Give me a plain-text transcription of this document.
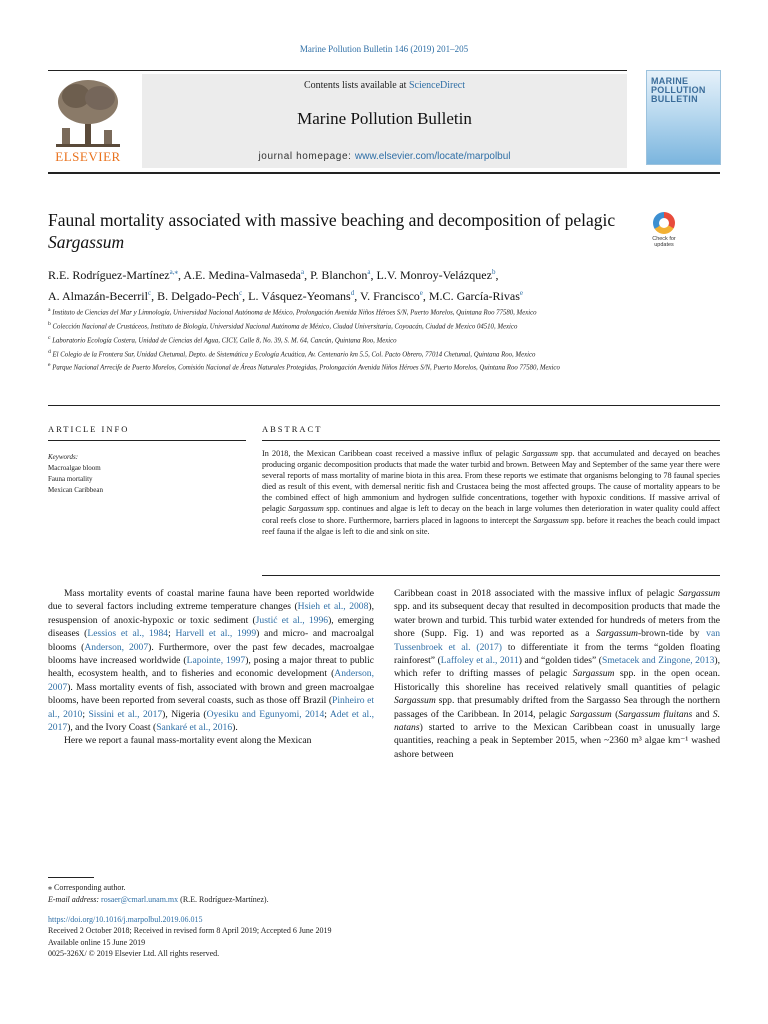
Marine Pollution Bulletin 146 (2019) 201–205
ELSEVIER
Contents lists available at ScienceDirect
Marine Pollution Bulletin
journal homepage: www.elsevier.com/locate/marpolbul
MARINE POLLUTION BULLETIN
Faunal mortality associated with massive beaching and decomposition of pelagic Sargassum	Check for updates
R.E. Rodríguez-Martínez$^{a,⁎}$, A.E. Medina-Valmaseda$^a$, P. Blanchon$^a$, L.V. Monroy-Velázquez$^b$,
A. Almazán-Becerril$^c$, B. Delgado-Pech$^c$, L. Vásquez-Yeomans$^d$, V. Francisco$^e$, M.C. García-Rivas$^e$
$^a$ Instituto de Ciencias del Mar y Limnología, Universidad Nacional Autónoma de México, Prolongación Avenida Niños Héroes S/N, Puerto Morelos, Quintana Roo 77580, Mexico
$^b$ Colección Nacional de Crustáceos, Instituto de Biología, Universidad Nacional Autónoma de México, Ciudad Universitaria, Coyoacán, Ciudad de Mexico 04510, Mexico
$^c$ Laboratorio Ecología Costera, Unidad de Ciencias del Agua, CICY, Calle 8, No. 39, S. M. 64, Cancún, Quintana Roo, Mexico
$^d$ El Colegio de la Frontera Sur, Unidad Chetumal, Depto. de Sistemática y Ecología Acuática, Av. Centenario km 5.5, Col. Pacto Obrero, 77014 Chetumal, Quintana Roo, Mexico
$^e$ Parque Nacional Arrecife de Puerto Morelos, Comisión Nacional de Áreas Naturales Protegidas, Prolongación Avenida Niños Héroes S/N, Puerto Morelos, Quintana Roo 77580, Mexico
ARTICLE INFO	ABSTRACT
Keywords:
Macroalgae bloom
Fauna mortality
Mexican Caribbean
In 2018, the Mexican Caribbean coast received a massive influx of pelagic Sargassum spp. that accumulated and decayed on beaches producing organic decomposition products that made the water turbid and brown. Between May and September of the same year there were several reports of mass mortality of marine biota in this area. From these reports we estimate that organisms belonging to 78 faunal species died as result of this event, with demersal neritic fish and Crustacea being the most affected groups. The cause of mortality appears to be the combined effect of high ammonium and hydrogen sulfide concentrations, together with hypoxic conditions. If massive arrival of pelagic Sargassum spp. continues and algae is left to decay on the beach in large volumes then deterioration in water quality could affect coral reefs close to shore. Furthermore, barriers placed in lagoons to intercept the Sargassum spp. before it reaches the beach could impact reef fauna if the algae is left to die and sink on site.

Mass mortality events of coastal marine fauna have been reported worldwide due to several factors including extreme temperature changes (Hsieh et al., 2008), resuspension of anoxic-hypoxic or toxic sediment (Justić et al., 1996), emerging diseases (Lessios et al., 1984; Harvell et al., 1999) and micro- and macroalgal blooms (Anderson, 2007). Furthermore, over the past few decades, macroalgae blooms have increased worldwide (Lapointe, 1997), posing a major threat to public health, ecosystem health, and to fisheries and economic development (Anderson, 2007). Mass mortality events of fish, associated with brown and green macroalgae blooms, have been reported from several coasts, such as those off Brazil (Pinheiro et al., 2010; Sissini et al., 2017), Nigeria (Oyesiku and Egunyomi, 2014; Adet et al., 2017), and the Ivory Coast (Sankaré et al., 2016).

Here we report a faunal mass-mortality event along the Mexican

Caribbean coast in 2018 associated with the massive influx of pelagic Sargassum spp. and its subsequent decay that resulted in decomposition products that made the water brown and turbid. This turbid water extended for hundreds of meters from the shore (Supp. Fig. 1) and was reported as a Sargassum-brown-tide by van Tussenbroek et al. (2017) to differentiate it from the terms “golden floating rainforest” (Laffoley et al., 2011) and “golden tides” (Smetacek and Zingone, 2013), which refer to drifting masses of pelagic Sargassum spp. in the open ocean. Historically this shoreline has received relatively small quantities of pelagic Sargassum spp. that presumably drifted from the Sargasso Sea through the northern passages of the Caribbean. In 2014, pelagic Sargassum (Sargassum fluitans and S. natans) started to arrive to the Mexican Caribbean coast in unusually large quantities, reaching a peak in September 2015, when ~2360 m³ algae km⁻¹ washed ashore between

⁎ Corresponding author.
E-mail address: rosaer@cmarl.unam.mx (R.E. Rodríguez-Martínez).
https://doi.org/10.1016/j.marpolbul.2019.06.015
Received 2 October 2018; Received in revised form 8 April 2019; Accepted 6 June 2019
Available online 15 June 2019
0025-326X/ © 2019 Elsevier Ltd. All rights reserved.
